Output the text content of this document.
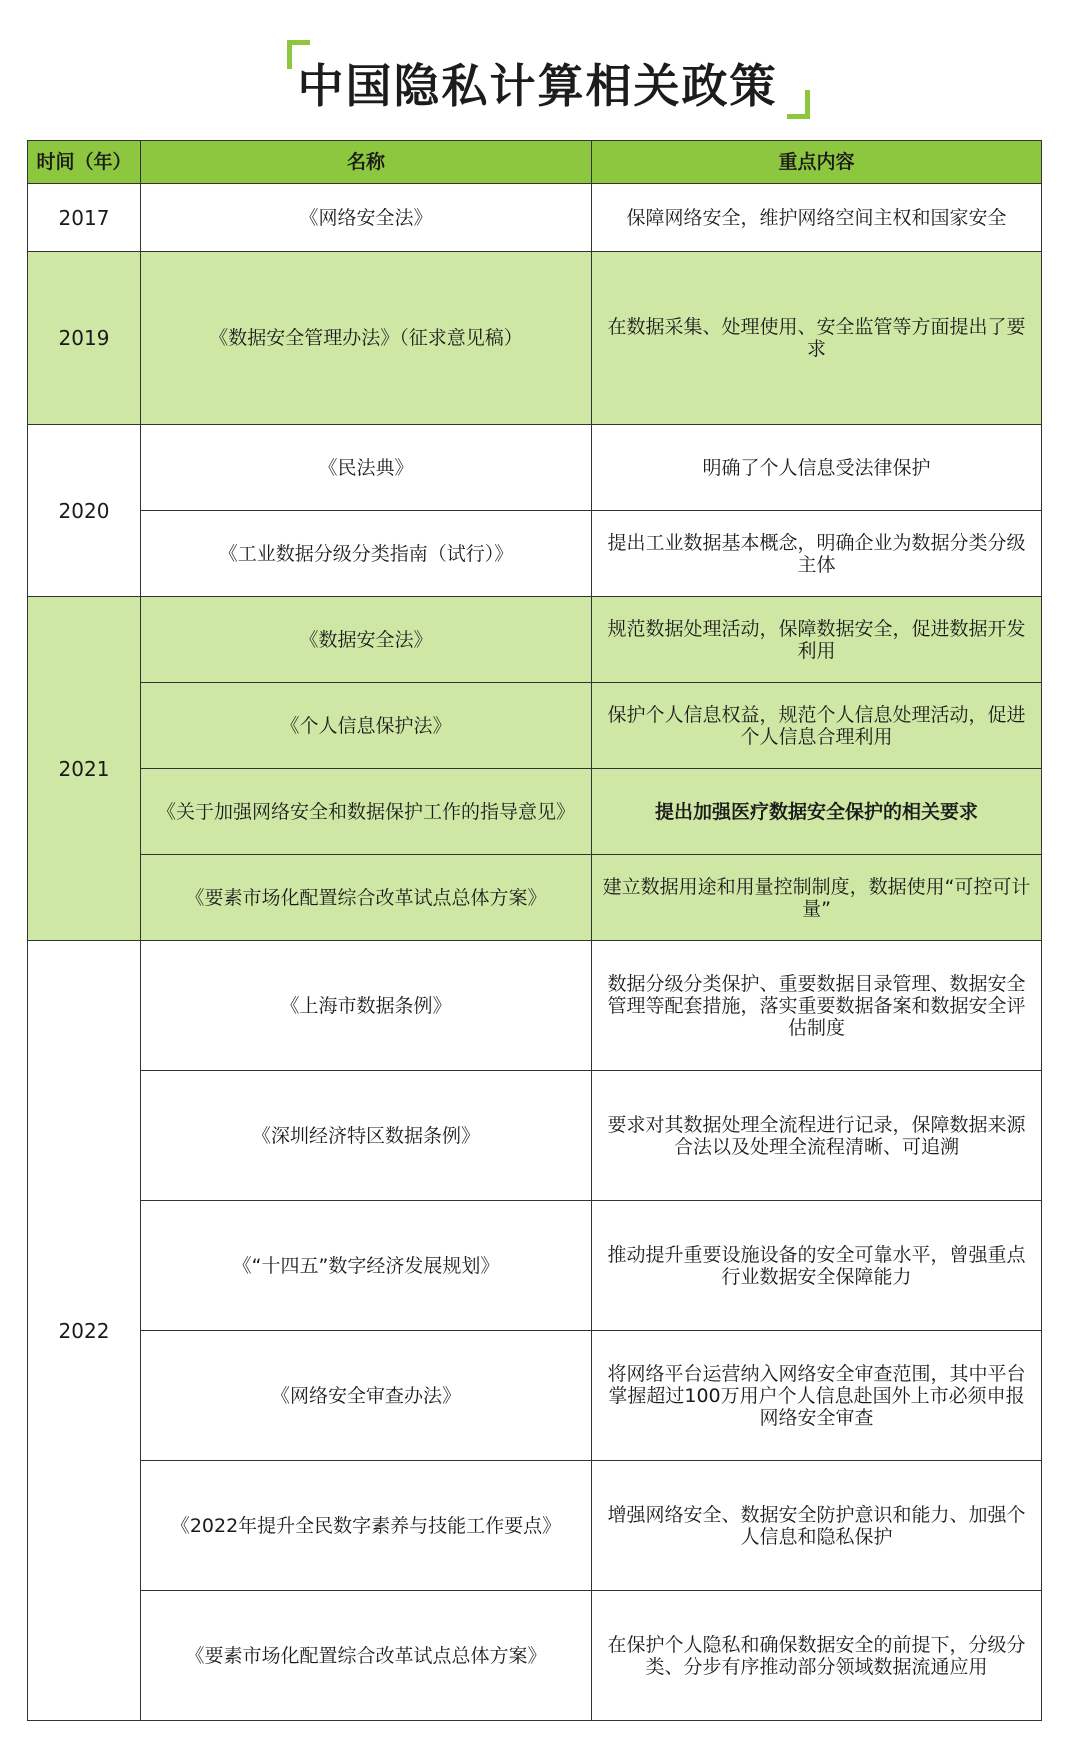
中国隐私计算相关政策
时间（年）	名称	重点内容
2017	《网络安全法》	保障网络安全，维护网络空间主权和国家安全
2019	《数据安全管理办法》（征求意见稿）	在数据采集、处理使用、安全监管等方面提出了要求
2020	《民法典》	明确了个人信息受法律保护
	《工业数据分级分类指南（试行）》	提出工业数据基本概念，明确企业为数据分类分级主体
2021	《数据安全法》	规范数据处理活动，保障数据安全，促进数据开发利用
	《个人信息保护法》	保护个人信息权益，规范个人信息处理活动，促进个人信息合理利用
	《关于加强网络安全和数据保护工作的指导意见》	提出加强医疗数据安全保护的相关要求
	《要素市场化配置综合改革试点总体方案》	建立数据用途和用量控制制度，数据使用“可控可计量”
2022	《上海市数据条例》	数据分级分类保护、重要数据目录管理、数据安全管理等配套措施，落实重要数据备案和数据安全评估制度
	《深圳经济特区数据条例》	要求对其数据处理全流程进行记录，保障数据来源合法以及处理全流程清晰、可追溯
	《“十四五”数字经济发展规划》	推动提升重要设施设备的安全可靠水平，曾强重点行业数据安全保障能力
	《网络安全审查办法》	将网络平台运营纳入网络安全审查范围，其中平台掌握超过100万用户个人信息赴国外上市必须申报网络安全审查
	《2022年提升全民数字素养与技能工作要点》	增强网络安全、数据安全防护意识和能力、加强个人信息和隐私保护
	《要素市场化配置综合改革试点总体方案》	在保护个人隐私和确保数据安全的前提下，分级分类、分步有序推动部分领域数据流通应用
